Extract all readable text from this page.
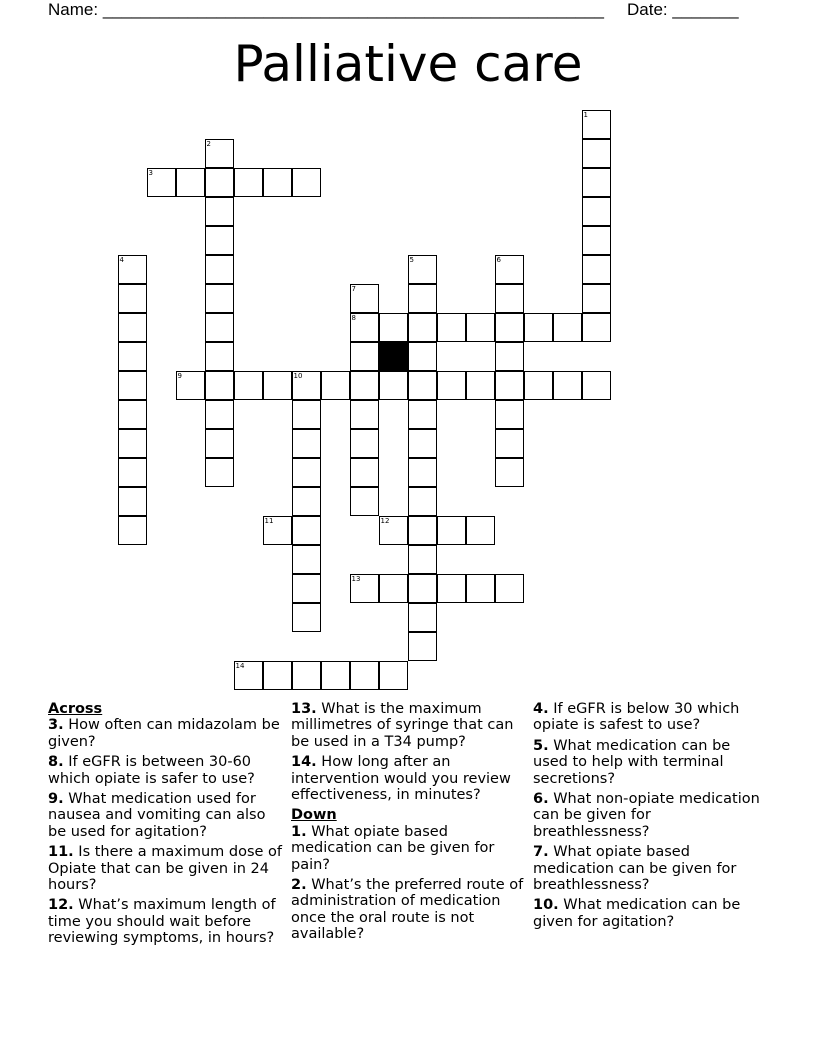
Name: _____________________________________________________ Date: _______
Palliative care
1
2
3
4	5	6
7
8
9	10
11	12
13
14
Across
3. How often can midazolam be given?
8. If eGFR is between 30-60 which opiate is safer to use?
9. What medication used for nausea and vomiting can also be used for agitation?
11. Is there a maximum dose of Opiate that can be given in 24 hours?
12. What’s maximum length of time you should wait before reviewing symptoms, in hours?
13. What is the maximum millimetres of syringe that can be used in a T34 pump?
14. How long after an intervention would you review effectiveness, in minutes?
Down
1. What opiate based medication can be given for pain?
2. What’s the preferred route of administration of medication once the oral route is not available?
4. If eGFR is below 30 which opiate is safest to use?
5. What medication can be used to help with terminal secretions?
6. What non-opiate medication can be given for breathlessness?
7. What opiate based medication can be given for breathlessness?
10. What medication can be given for agitation?
